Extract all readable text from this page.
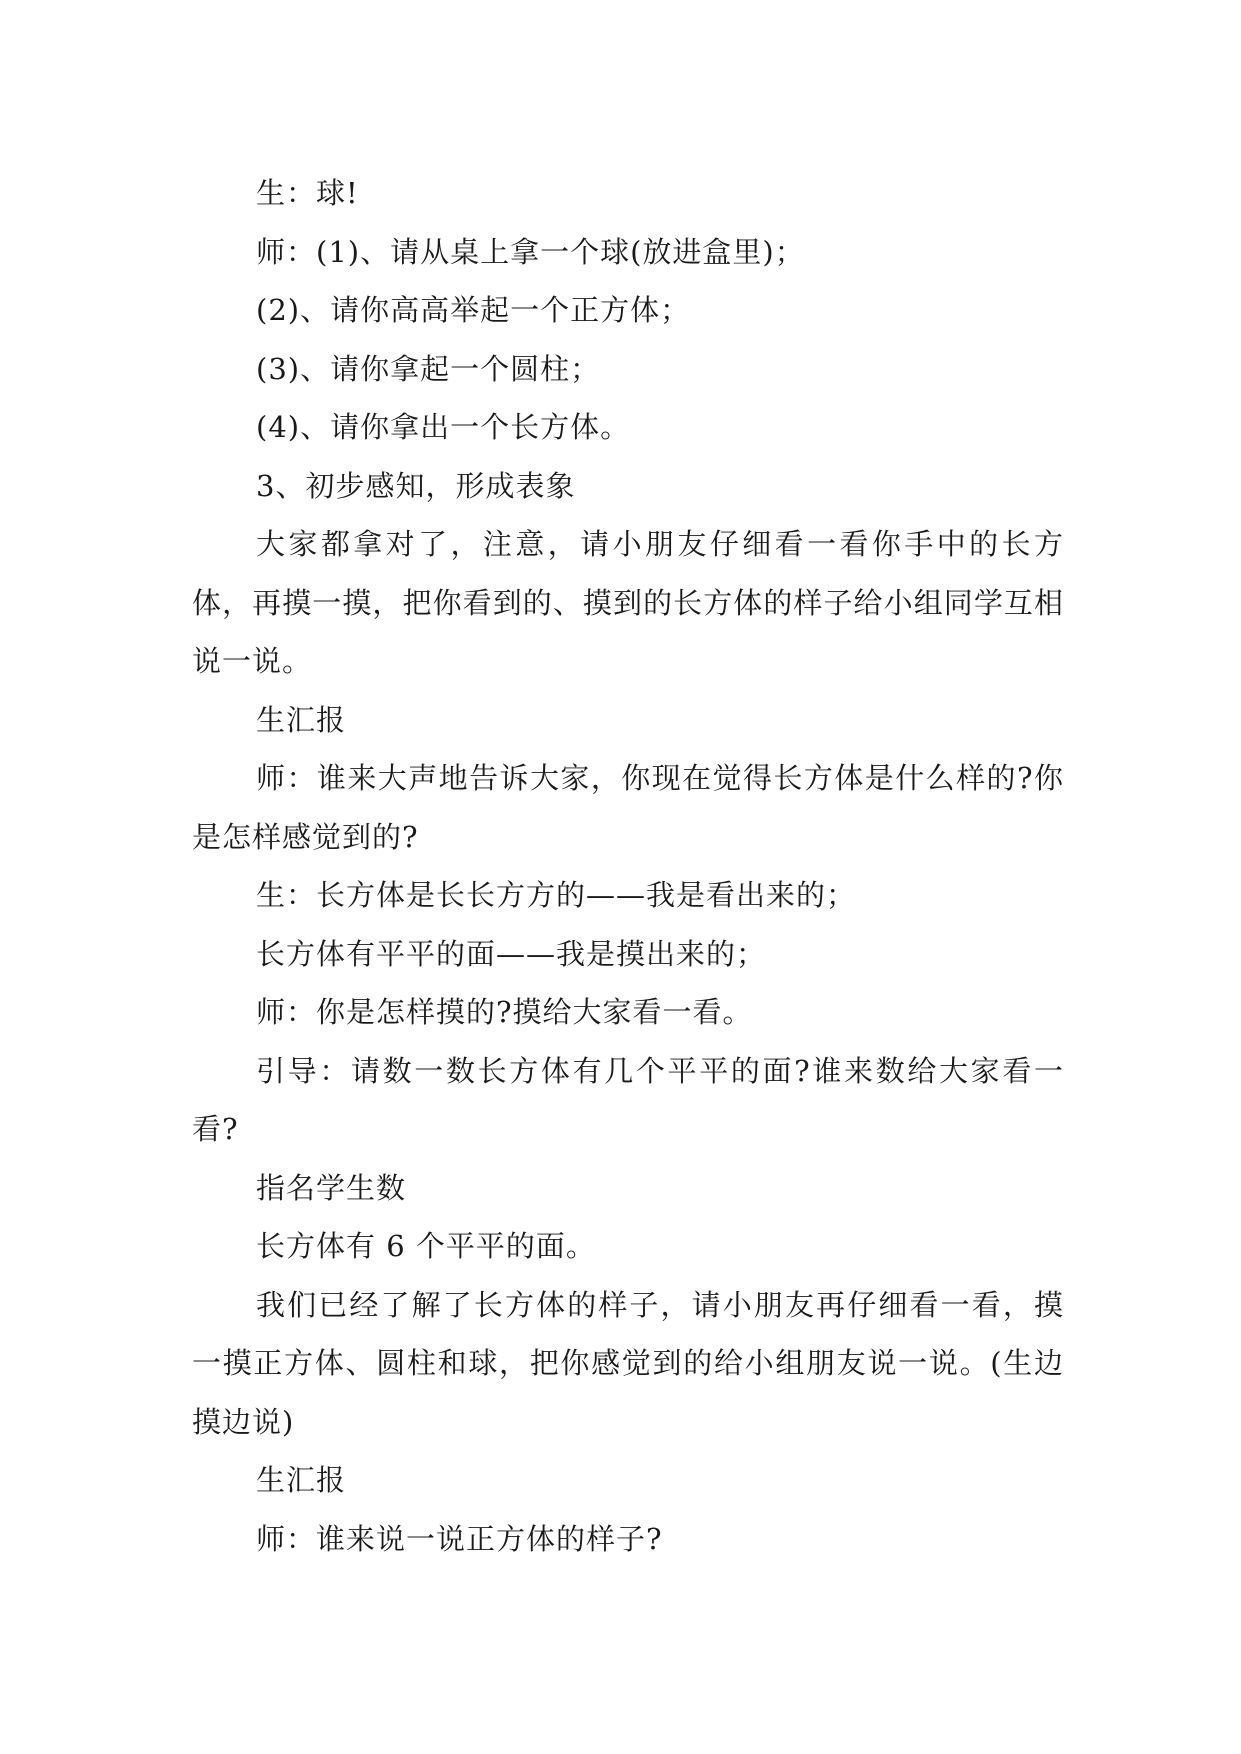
生：球!

师：(1)、请从桌上拿一个球(放进盒里)；

(2)、请你高高举起一个正方体；

(3)、请你拿起一个圆柱；

(4)、请你拿出一个长方体。

3、初步感知，形成表象

大家都拿对了，注意，请小朋友仔细看一看你手中的长方体，再摸一摸，把你看到的、摸到的长方体的样子给小组同学互相说一说。

生汇报

师：谁来大声地告诉大家，你现在觉得长方体是什么样的?你是怎样感觉到的?

生：长方体是长长方方的——我是看出来的；

长方体有平平的面——我是摸出来的；

师：你是怎样摸的?摸给大家看一看。

引导：请数一数长方体有几个平平的面?谁来数给大家看一看?

指名学生数

长方体有 6 个平平的面。

我们已经了解了长方体的样子，请小朋友再仔细看一看，摸一摸正方体、圆柱和球，把你感觉到的给小组朋友说一说。(生边摸边说)

生汇报

师：谁来说一说正方体的样子?
